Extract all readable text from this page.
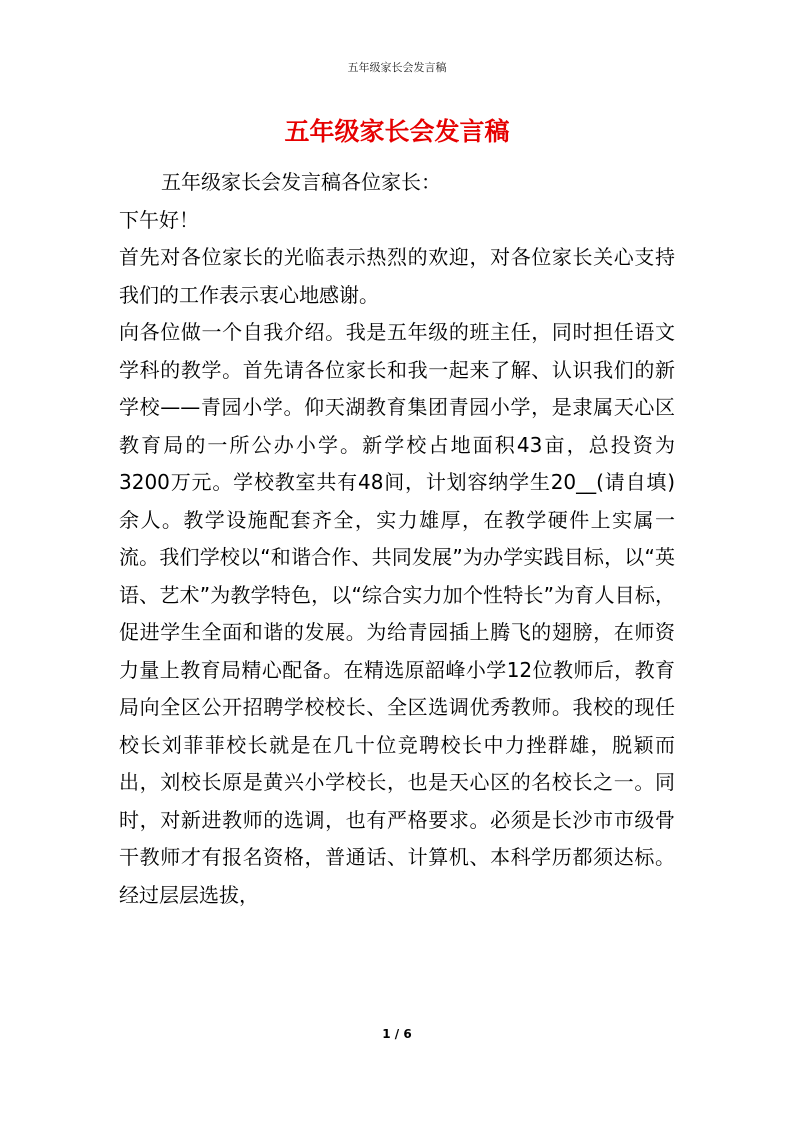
五年级家长会发言稿
五年级家长会发言稿

五年级家长会发言稿各位家长：

下午好！

首先对各位家长的光临表示热烈的欢迎，对各位家长关心支持我们的工作表示衷心地感谢。

向各位做一个自我介绍。我是五年级的班主任，同时担任语文学科的教学。首先请各位家长和我一起来了解、认识我们的新学校——青园小学。仰天湖教育集团青园小学，是隶属天心区教育局的一所公办小学。新学校占地面积43亩，总投资为3200万元。学校教室共有48间，计划容纳学生20__(请自填)余人。教学设施配套齐全，实力雄厚，在教学硬件上实属一流。我们学校以“和谐合作、共同发展”为办学实践目标，以“英语、艺术”为教学特色，以“综合实力加个性特长”为育人目标，促进学生全面和谐的发展。为给青园插上腾飞的翅膀，在师资力量上教育局精心配备。在精选原韶峰小学12位教师后，教育局向全区公开招聘学校校长、全区选调优秀教师。我校的现任校长刘菲菲校长就是在几十位竞聘校长中力挫群雄，脱颖而出，刘校长原是黄兴小学校长，也是天心区的名校长之一。同时，对新进教师的选调，也有严格要求。必须是长沙市市级骨干教师才有报名资格，普通话、计算机、本科学历都须达标。经过层层选拔，

1 / 6
